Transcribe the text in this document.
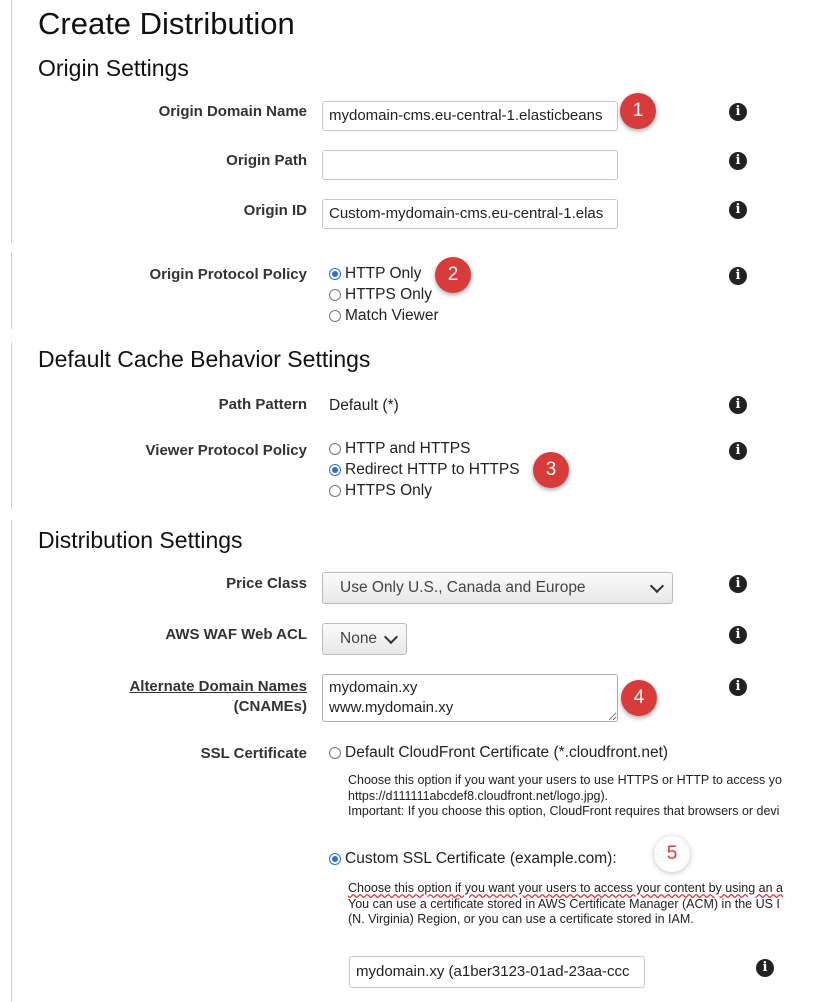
Create Distribution
Origin Settings
Origin Domain Name mydomain-cms.eu-central-1.elasticbeans	i
1
Origin Path	i
Origin ID Custom-mydomain-cms.eu-central-1.elas	i
Origin Protocol Policy HTTP Only
HTTPS Only
Match Viewer
i
2
Default Cache Behavior Settings
Path Pattern Default (*)	i
Viewer Protocol Policy HTTP and HTTPS
Redirect HTTP to HTTPS
HTTPS Only
i
3
Distribution Settings
Price Class Use Only U.S., Canada and Europe	i
AWS WAF Web ACL None	i
Alternate Domain Names
(CNAMEs)
mydomain.xy www.mydomain.xy
i
4
SSL Certificate Default CloudFront Certificate (*.cloudfront.net)
Choose this option if you want your users to use HTTPS or HTTP to access yo
https://d111111abcdef8.cloudfront.net/logo.jpg).
Important: If you choose this option, CloudFront requires that browsers or devi
Custom SSL Certificate (example.com):	5
Choose this option if you want your users to access your content by using an a
You can use a certificate stored in AWS Certificate Manager (ACM) in the US I
(N. Virginia) Region, or you can use a certificate stored in IAM.
mydomain.xy (a1ber3123-01ad-23aa-ccc	i
